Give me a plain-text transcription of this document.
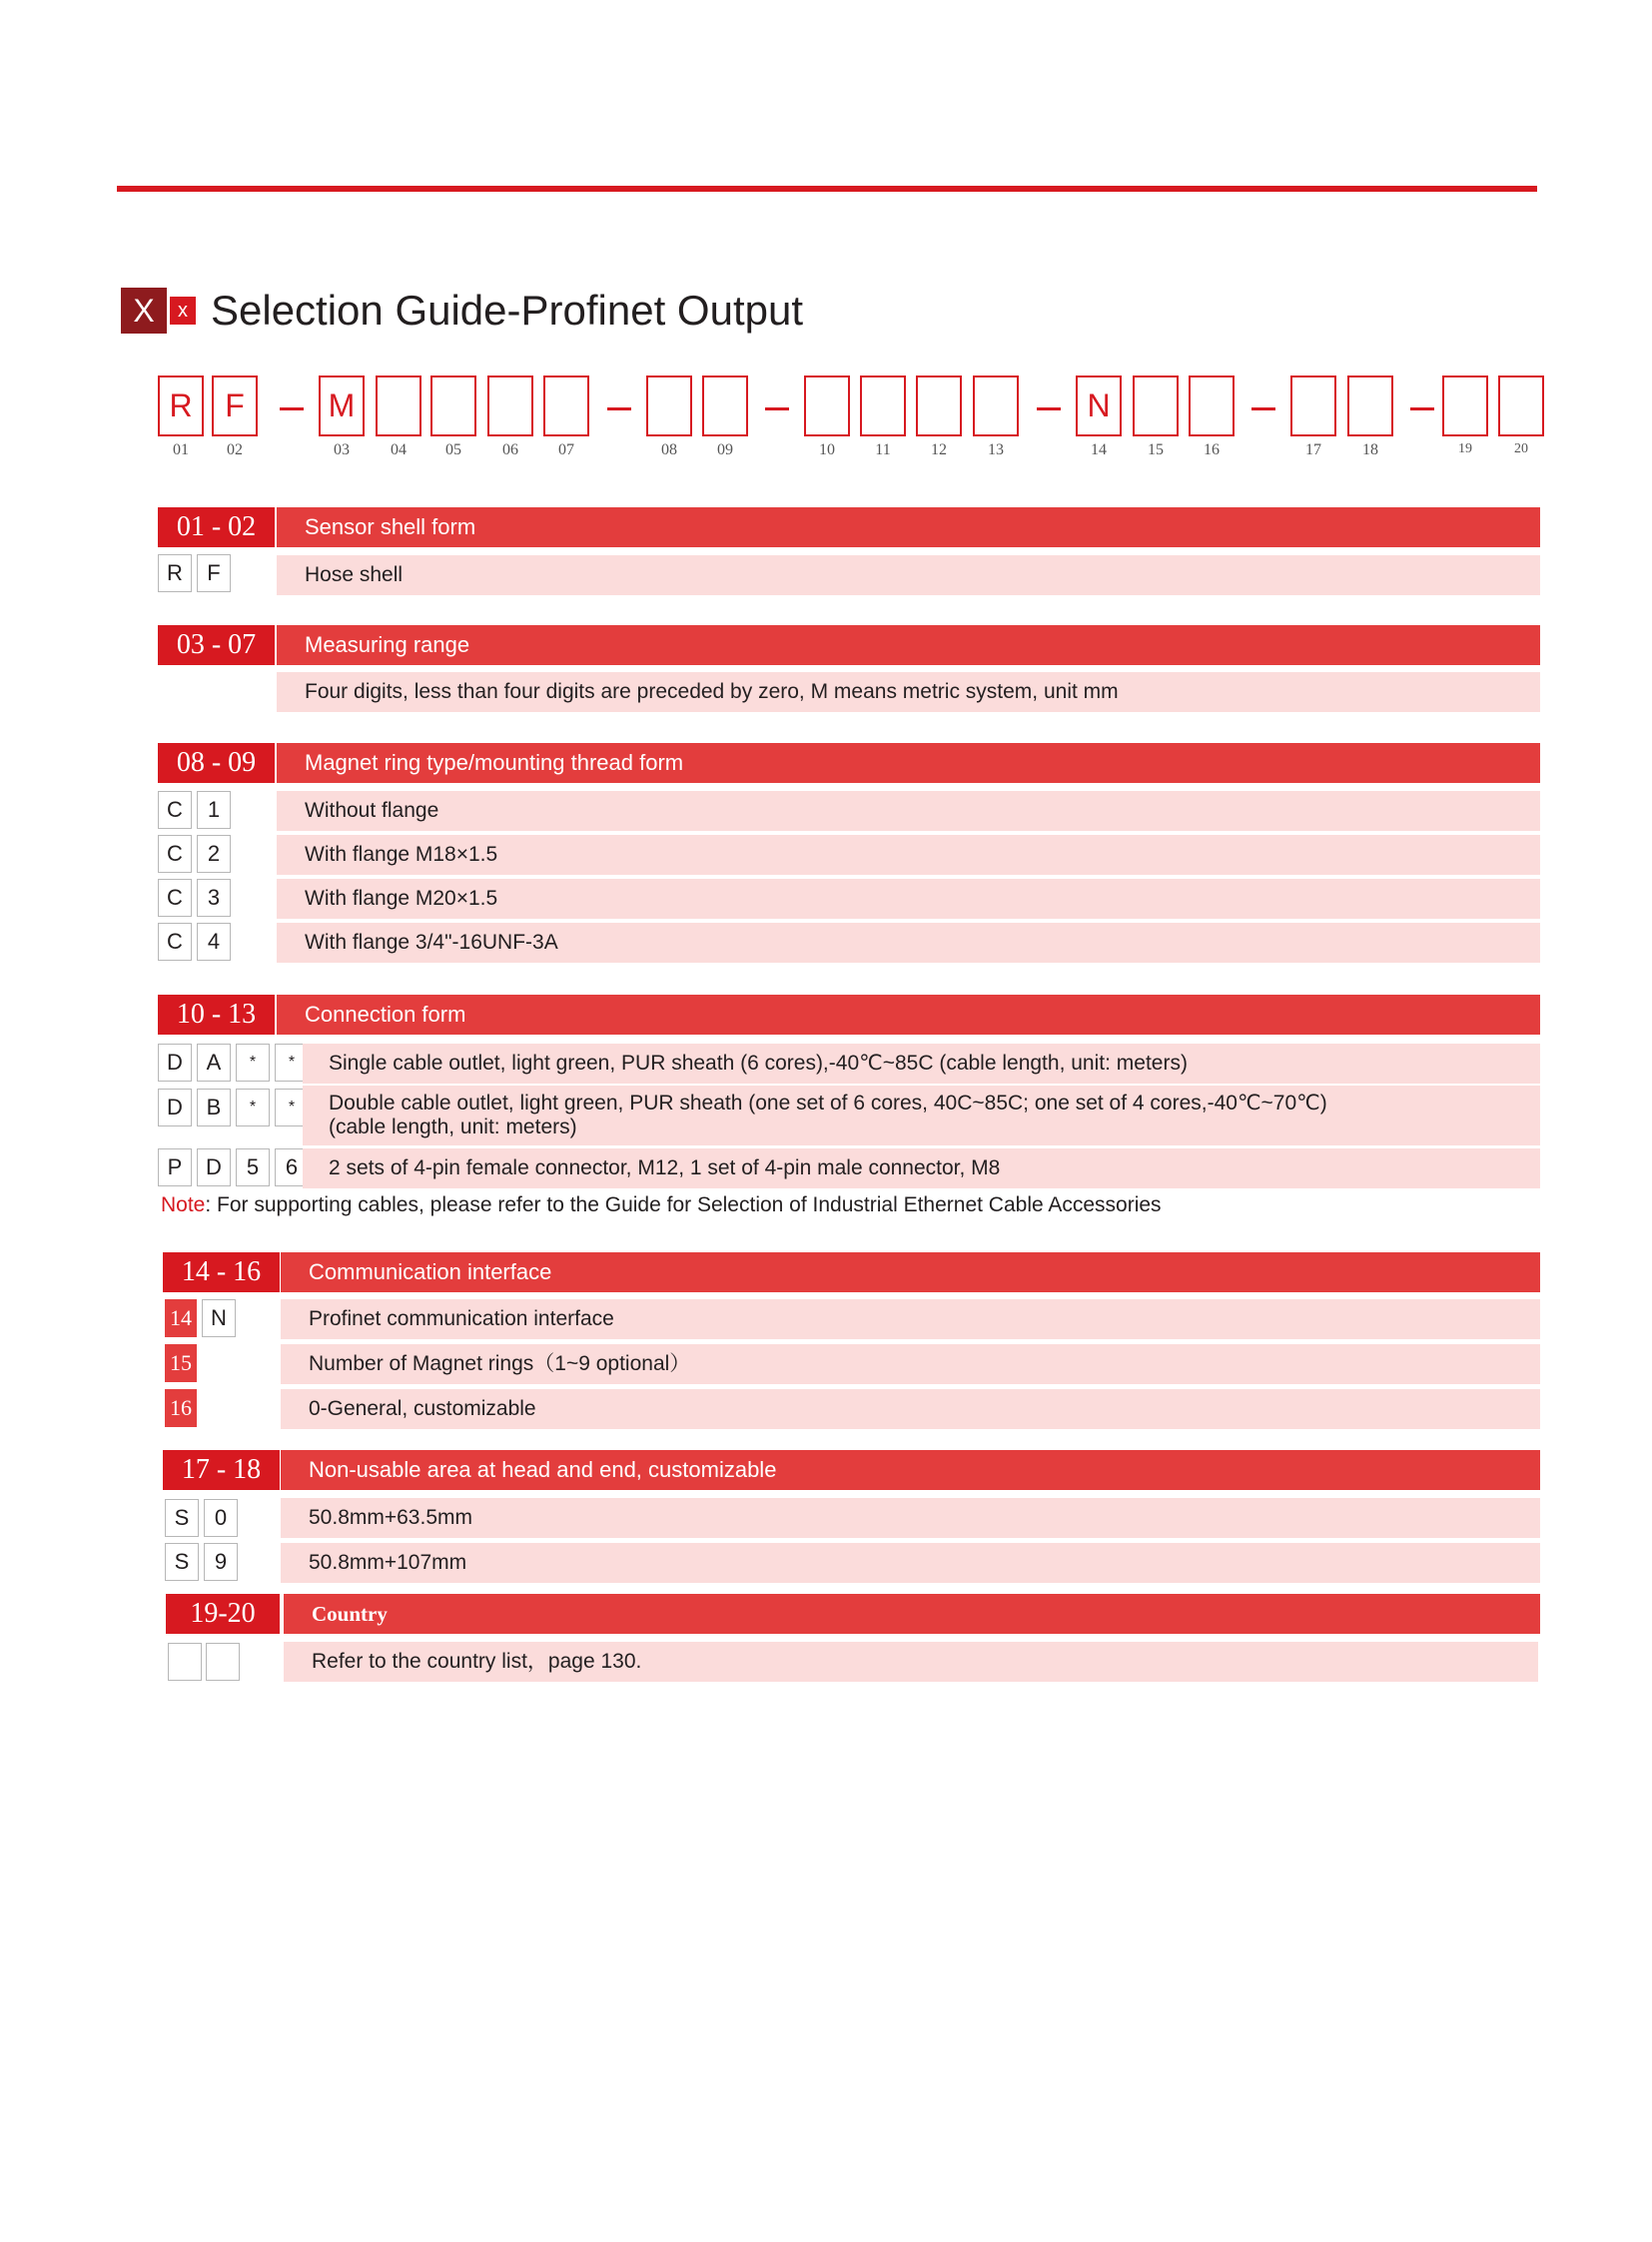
X	x Selection Guide-Profinet Output
R	F	M	N
01	02	03	04	05	06	07	08	09	10	11	12	13	14	15	16	17	18	19	20
01 - 02	Sensor shell form
R	F	Hose shell
03 - 07	Measuring range
Four digits, less than four digits are preceded by zero, M means metric system, unit mm
08 - 09	Magnet ring type/mounting thread form
C	1	Without flange
C	2	With flange M18×1.5
C	3	With flange M20×1.5
C	4	With flange 3/4"-16UNF-3A
10 - 13	Connection form
D	A	*	*	Single cable outlet, light green, PUR sheath (6 cores),-40℃~85C (cable length, unit: meters)
D	B	*	*	Double cable outlet, light green, PUR sheath (one set of 6 cores, 40C~85C; one set of 4 cores,-40℃~70℃)
(cable length, unit: meters)
P	D	5	6	2 sets of 4-pin female connector, M12, 1 set of 4-pin male connector, M8
Note: For supporting cables, please refer to the Guide for Selection of Industrial Ethernet Cable Accessories
14 - 16	Communication interface
14 N	Profinet communication interface
15	Number of Magnet rings（1~9 optional）
16	0-General, customizable
17 - 18	Non-usable area at head and end, customizable
S	0	50.8mm+63.5mm
S	9	50.8mm+107mm
19-20	Country
Refer to the country list，page 130.
